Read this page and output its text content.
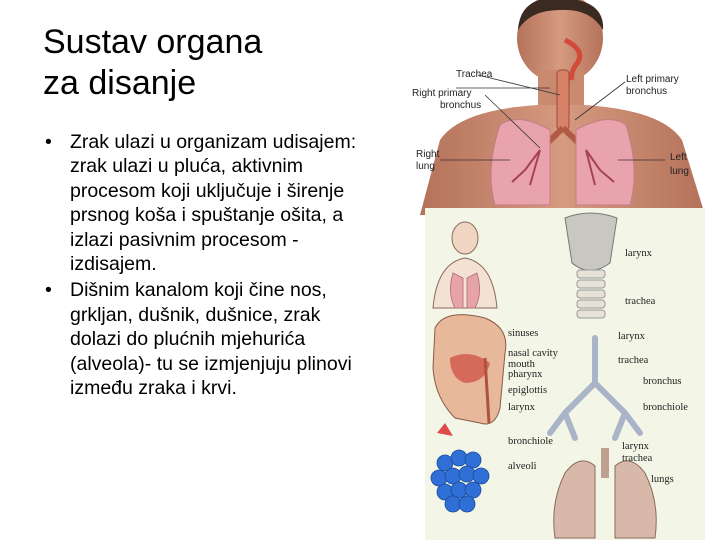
Sustav organa
za disanje
• Zrak ulazi u organizam udisajem: zrak ulazi u pluća, aktivnim procesom koji uključuje i širenje prsnog koša i spuštanje ošita, a izlazi pasivnim procesom - izdisajem.
• Dišnim kanalom koji čine nos, grkljan, dušnik, dušnice, zrak dolazi do plućnih mjehurića (alveola)- tu se izmjenjuju plinovi između zraka i krvi.
Trachea
Right primary
bronchus
Left primary
bronchus
Right
lung
Left
lung
larynx
trachea
sinuses
nasal cavity
mouth
pharynx
epiglottis
larynx
larynx
trachea
bronchus
bronchiole
bronchiole
alveoli
larynx
trachea
lungs
